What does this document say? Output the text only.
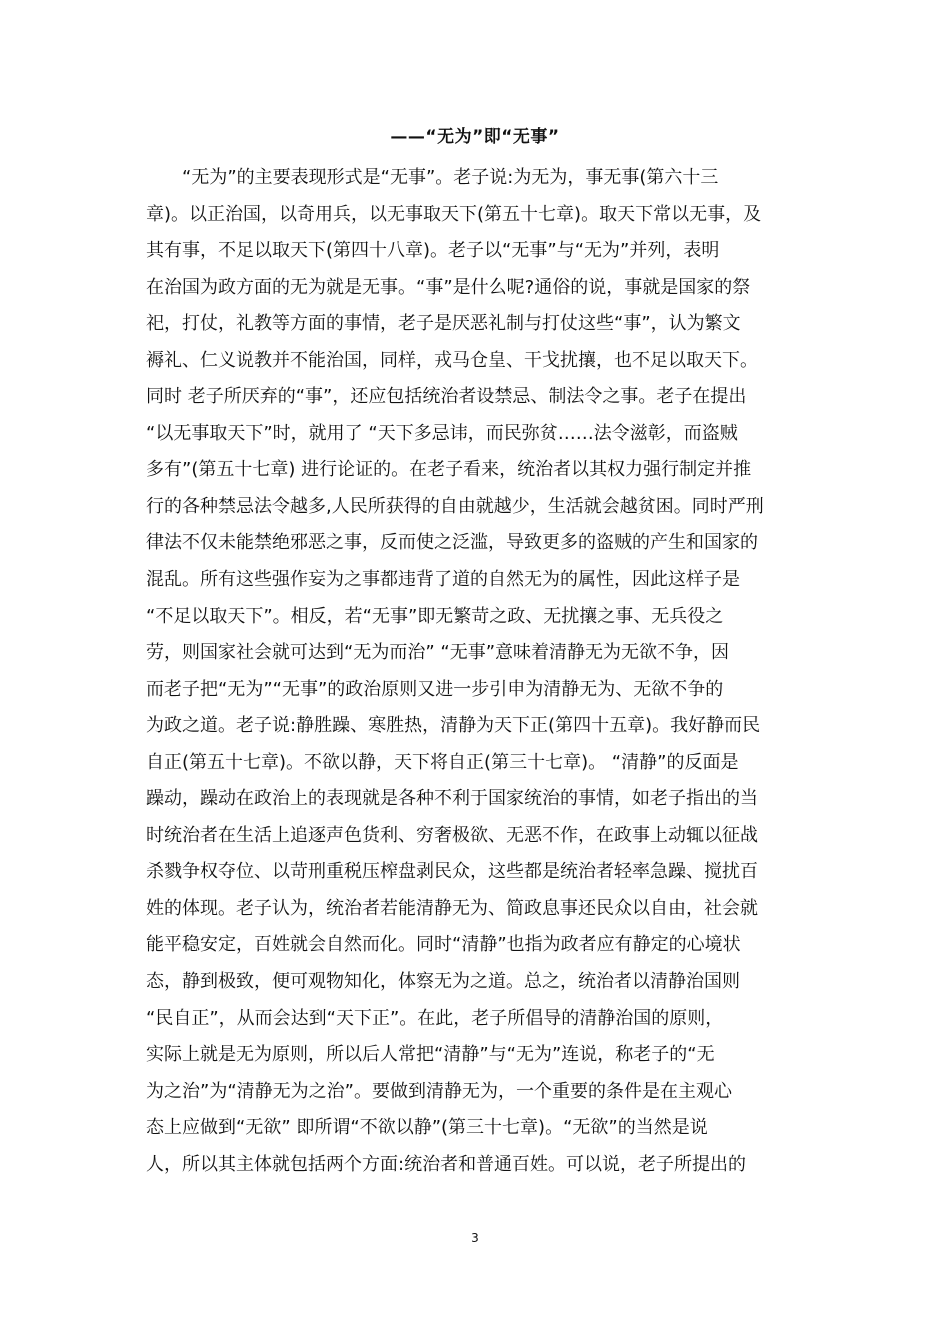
——“无为”即“无事”
“无为”的主要表现形式是“无事”。老子说:为无为，事无事(第六十三
章)。以正治国，以奇用兵，以无事取天下(第五十七章)。取天下常以无事，及
其有事，不足以取天下(第四十八章)。老子以“无事”与“无为”并列，表明
在治国为政方面的无为就是无事。“事”是什么呢?通俗的说，事就是国家的祭
祀，打仗，礼教等方面的事情，老子是厌恶礼制与打仗这些“事”，认为繁文
褥礼、仁义说教并不能治国，同样，戎马仓皇、干戈扰攘，也不足以取天下。
同时 老子所厌弃的“事”，还应包括统治者设禁忌、制法令之事。老子在提出
“以无事取天下”时，就用了 “天下多忌讳，而民弥贫……法令滋彰，而盗贼
多有”(第五十七章) 进行论证的。在老子看来，统治者以其权力强行制定并推
行的各种禁忌法令越多,人民所获得的自由就越少，生活就会越贫困。同时严刑
律法不仅未能禁绝邪恶之事，反而使之泛滥，导致更多的盗贼的产生和国家的
混乱。所有这些强作妄为之事都违背了道的自然无为的属性，因此这样子是
“不足以取天下”。相反，若“无事”即无繁苛之政、无扰攘之事、无兵役之
劳，则国家社会就可达到“无为而治” “无事”意味着清静无为无欲不争，因
而老子把“无为”“无事”的政治原则又进一步引申为清静无为、无欲不争的
为政之道。老子说:静胜躁、寒胜热，清静为天下正(第四十五章)。我好静而民
自正(第五十七章)。不欲以静，天下将自正(第三十七章)。 “清静”的反面是
躁动，躁动在政治上的表现就是各种不利于国家统治的事情，如老子指出的当
时统治者在生活上追逐声色货利、穷奢极欲、无恶不作，在政事上动辄以征战
杀戮争权夺位、以苛刑重税压榨盘剥民众，这些都是统治者轻率急躁、搅扰百
姓的体现。老子认为，统治者若能清静无为、简政息事还民众以自由，社会就
能平稳安定，百姓就会自然而化。同时“清静”也指为政者应有静定的心境状
态，静到极致，便可观物知化，体察无为之道。总之，统治者以清静治国则
“民自正”，从而会达到“天下正”。在此，老子所倡导的清静治国的原则，
实际上就是无为原则，所以后人常把“清静”与“无为”连说，称老子的“无
为之治”为“清静无为之治”。要做到清静无为，一个重要的条件是在主观心
态上应做到“无欲” 即所谓“不欲以静”(第三十七章)。“无欲”的当然是说
人，所以其主体就包括两个方面:统治者和普通百姓。可以说，老子所提出的
3
